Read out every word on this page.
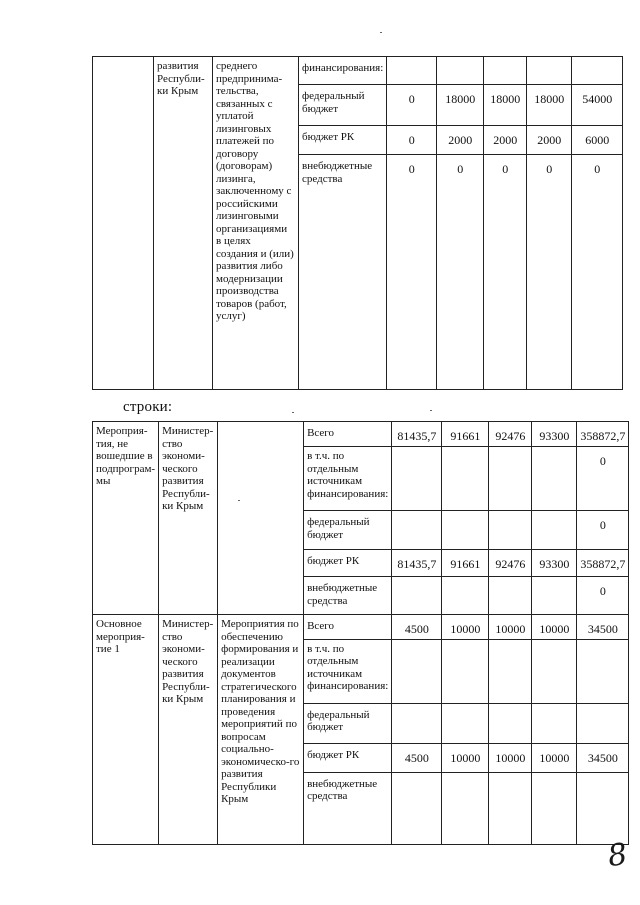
	развития Республи-ки Крым	среднего предпринима-тельства, связанных с уплатой лизинговых платежей по договору (договорам) лизинга, заключенному с российскими лизинговыми организациями в целях создания и (или) развития либо модернизации производства товаров (работ, услуг)	финансирования:					
			федеральный бюджет	0	18000	18000	18000	54000
			бюджет РК	0	2000	2000	2000	6000
			внебюджетные средства	0	0	0	0	0
строки:
Мероприя-тия, не вошедшие в подпрограм-мы	Министер-ство экономи-ческого развития Республи-ки Крым		Всего	81435,7	91661	92476	93300	358872,7
			в т.ч. по отдельным источникам финансирования:					0
			федеральный бюджет					0
			бюджет РК	81435,7	91661	92476	93300	358872,7
			внебюджетные средства					0
Основное мероприя-тие 1	Министер-ство экономи-ческого развития Республи-ки Крым	Мероприятия по обеспечению формирования и реализации документов стратегического планирования и проведения мероприятий по вопросам социально-экономическо-го развития Республики Крым	Всего	4500	10000	10000	10000	34500
			в т.ч. по отдельным источникам финансирования:					
			федеральный бюджет					
			бюджет РК	4500	10000	10000	10000	34500
			внебюджетные средства					
8
